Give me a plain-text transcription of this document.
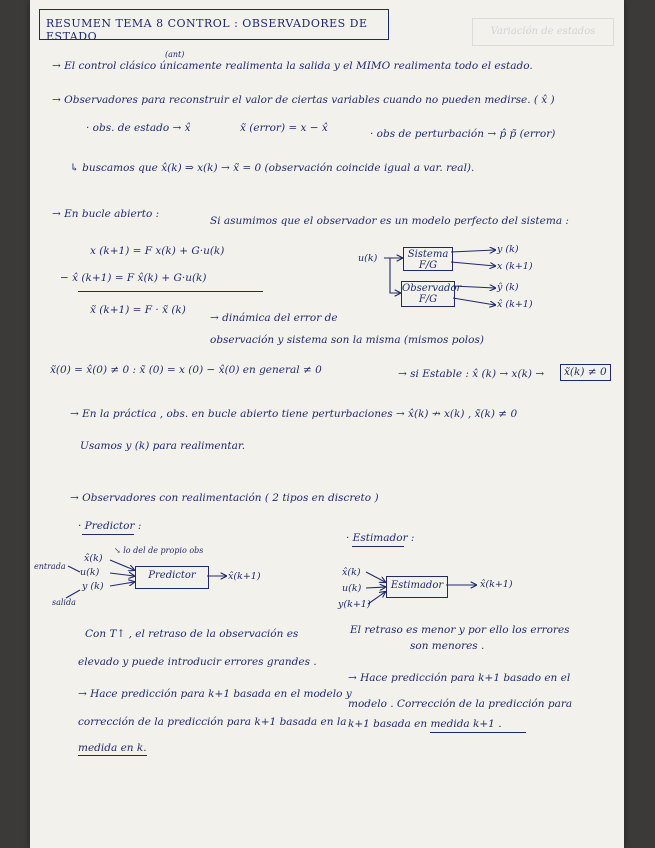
Variación de estados
RESUMEN TEMA 8 CONTROL : OBSERVADORES DE ESTADO
(ant)
→ El control clásico únicamente realimenta la salida y el MIMO realimenta todo el estado.
→ Observadores para reconstruir el valor de ciertas variables cuando no pueden medirse. ( x̂ )
· obs. de estado → x̂	x̃ (error) = x − x̂	· obs de perturbación → p̂ p̃ (error)
↳ buscamos que x̂(k) ⇒ x(k) → x̃ = 0 (observación coincide igual a var. real).
→ En bucle abierto :
Si asumimos que el observador es un modelo perfecto del sistema :
x (k+1) = F x(k) + G·u(k)
− x̂ (k+1) = F x̂(k) + G·u(k)
x̃ (k+1) = F · x̃ (k)
→ dinámica del error de
observación y sistema son la misma (mismos polos)
u(k)	Sistema
F/G
Observador
F/G
y (k)
x (k+1)
ŷ (k)
x̂ (k+1)
x̃(0) = x̂(0) ≠ 0 : x̃ (0) = x (0) − x̂(0) en general ≠ 0	→ si Estable : x̂ (k) → x(k) →	x̃(k) ≠ 0
→ En la práctica , obs. en bucle abierto tiene perturbaciones → x̂(k) ↛ x(k) , x̃(k) ≠ 0
Usamos y (k) para realimentar.
→ Observadores con realimentación ( 2 tipos en discreto )
· Predictor :
↘ lo del de propio obs
entrada
salida
x̂(k)
u(k)
y (k)
Predictor	x̂(k+1)
Con T↑ , el retraso de la observación es
elevado y puede introducir errores grandes .
→ Hace predicción para k+1 basada en el modelo y
corrección de la predicción para k+1 basada en la
medida en k.
· Estimador :
x̂(k)
u(k)
y(k+1)
Estimador	x̂(k+1)
El retraso es menor y por ello los errores
son menores .
→ Hace predicción para k+1 basado en el
modelo . Corrección de la predicción para
k+1 basada en medida k+1 .
